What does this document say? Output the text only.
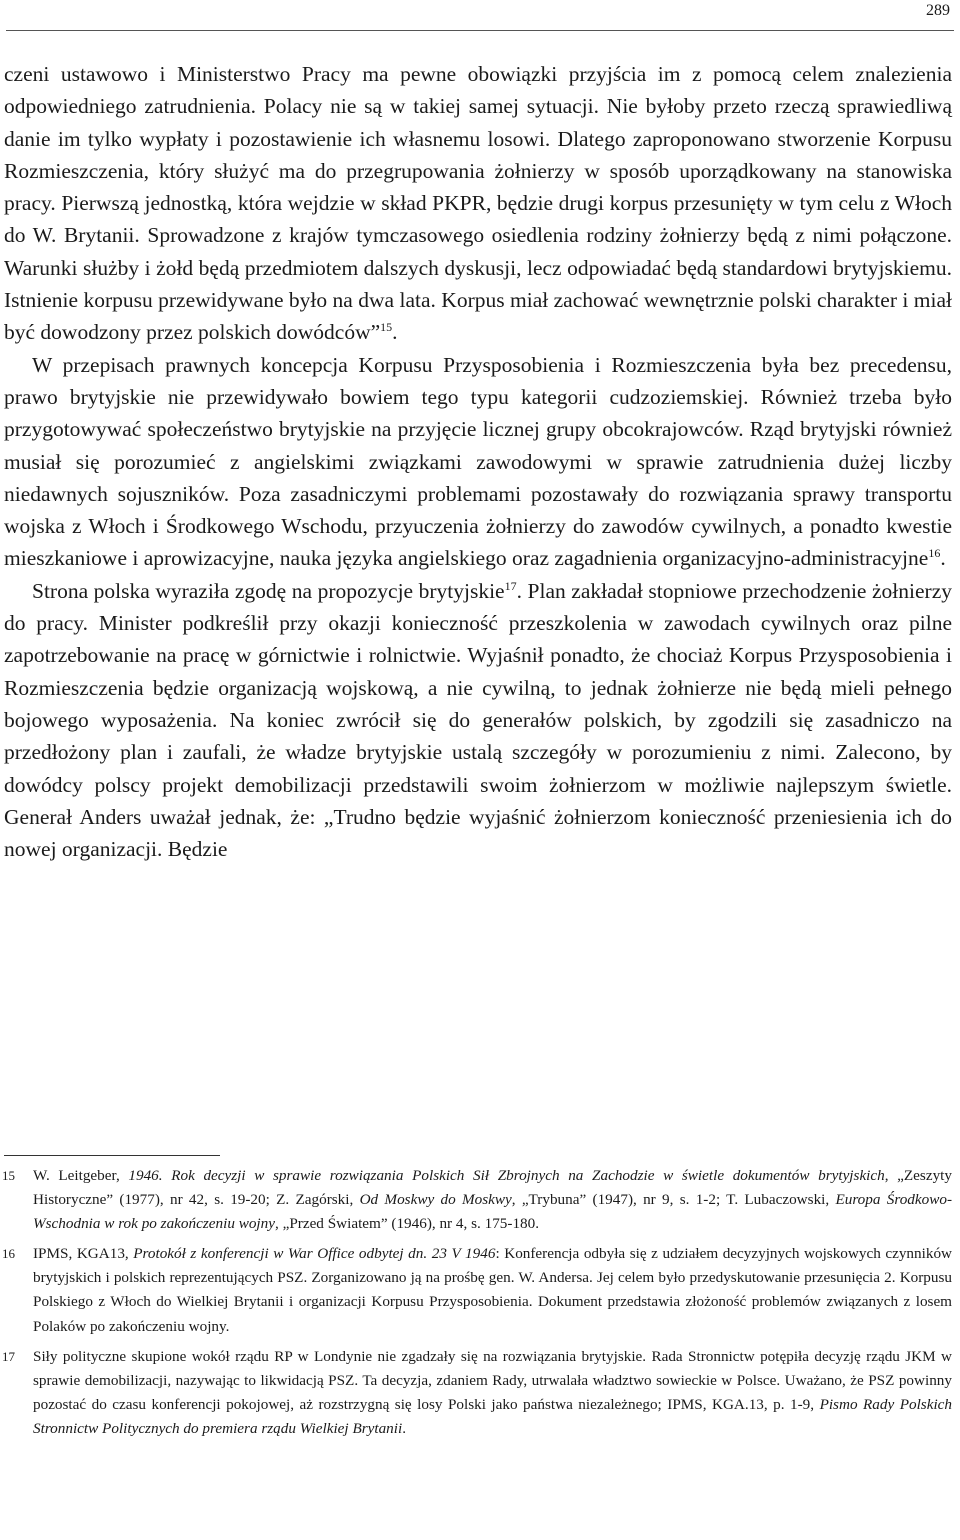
289

czeni ustawowo i Ministerstwo Pracy ma pewne obowiązki przyjścia im z pomocą celem znalezienia odpowiedniego zatrudnienia. Polacy nie są w takiej samej sytuacji. Nie byłoby przeto rzeczą sprawiedliwą danie im tylko wypłaty i pozostawienie ich własnemu losowi. Dlatego zaproponowano stworzenie Korpusu Rozmieszczenia, który służyć ma do przegrupowania żołnierzy w sposób uporządkowany na stanowiska pracy. Pierwszą jednostką, która wejdzie w skład PKPR, będzie drugi korpus przesunięty w tym celu z Włoch do W. Brytanii. Sprowadzone z krajów tymczasowego osiedlenia rodziny żołnierzy będą z nimi połączone. Warunki służby i żołd będą przedmiotem dalszych dyskusji, lecz odpowiadać będą standardowi brytyjskiemu. Istnienie korpusu przewidywane było na dwa lata. Korpus miał zachować wewnętrznie polski charakter i miał być dowodzony przez polskich dowódców”$^{15}$.

W przepisach prawnych koncepcja Korpusu Przysposobienia i Rozmieszczenia była bez precedensu, prawo brytyjskie nie przewidywało bowiem tego typu kategorii cudzoziemskiej. Również trzeba było przygotowywać społeczeństwo brytyjskie na przyjęcie licznej grupy obcokrajowców. Rząd brytyjski również musiał się porozumieć z angielskimi związkami zawodowymi w sprawie zatrudnienia dużej liczby niedawnych sojuszników. Poza zasadniczymi problemami pozostawały do rozwiązania sprawy transportu wojska z Włoch i Środkowego Wschodu, przyuczenia żołnierzy do zawodów cywilnych, a ponadto kwestie mieszkaniowe i aprowizacyjne, nauka języka angielskiego oraz zagadnienia organizacyjno-administracyjne$^{16}$.

Strona polska wyraziła zgodę na propozycje brytyjskie$^{17}$. Plan zakładał stopniowe przechodzenie żołnierzy do pracy. Minister podkreślił przy okazji konieczność przeszkolenia w zawodach cywilnych oraz pilne zapotrzebowanie na pracę w górnictwie i rolnictwie. Wyjaśnił ponadto, że chociaż Korpus Przysposobienia i Rozmieszczenia będzie organizacją wojskową, a nie cywilną, to jednak żołnierze nie będą mieli pełnego bojowego wyposażenia. Na koniec zwrócił się do generałów polskich, by zgodzili się zasadniczo na przedłożony plan i zaufali, że władze brytyjskie ustalą szczegóły w porozumieniu z nimi. Zalecono, by dowódcy polscy projekt demobilizacji przedstawili swoim żołnierzom w możliwie najlepszym świetle. Generał Anders uważał jednak, że: „Trudno będzie wyjaśnić żołnierzom konieczność przeniesienia ich do nowej organizacji. Będzie

15 W. Leitgeber, 1946. Rok decyzji w sprawie rozwiązania Polskich Sił Zbrojnych na Zachodzie w świetle dokumentów brytyjskich, „Zeszyty Historyczne” (1977), nr 42, s. 19-20; Z. Zagórski, Od Moskwy do Moskwy, „Trybuna” (1947), nr 9, s. 1-2; T. Lubaczowski, Europa Środkowo-Wschodnia w rok po zakończeniu wojny, „Przed Światem” (1946), nr 4, s. 175-180.
16 IPMS, KGA13, Protokół z konferencji w War Office odbytej dn. 23 V 1946: Konferencja odbyła się z udziałem decyzyjnych wojskowych czynników brytyjskich i polskich reprezentujących PSZ. Zorganizowano ją na prośbę gen. W. Andersa. Jej celem było przedyskutowanie przesunięcia 2. Korpusu Polskiego z Włoch do Wielkiej Brytanii i organizacji Korpusu Przysposobienia. Dokument przedstawia złożoność problemów związanych z losem Polaków po zakończeniu wojny.
17 Siły polityczne skupione wokół rządu RP w Londynie nie zgadzały się na rozwiązania brytyjskie. Rada Stronnictw potępiła decyzję rządu JKM w sprawie demobilizacji, nazywając to likwidacją PSZ. Ta decyzja, zdaniem Rady, utrwalała władztwo sowieckie w Polsce. Uważano, że PSZ powinny pozostać do czasu konferencji pokojowej, aż rozstrzygną się losy Polski jako państwa niezależnego; IPMS, KGA.13, p. 1-9, Pismo Rady Polskich Stronnictw Politycznych do premiera rządu Wielkiej Brytanii.
